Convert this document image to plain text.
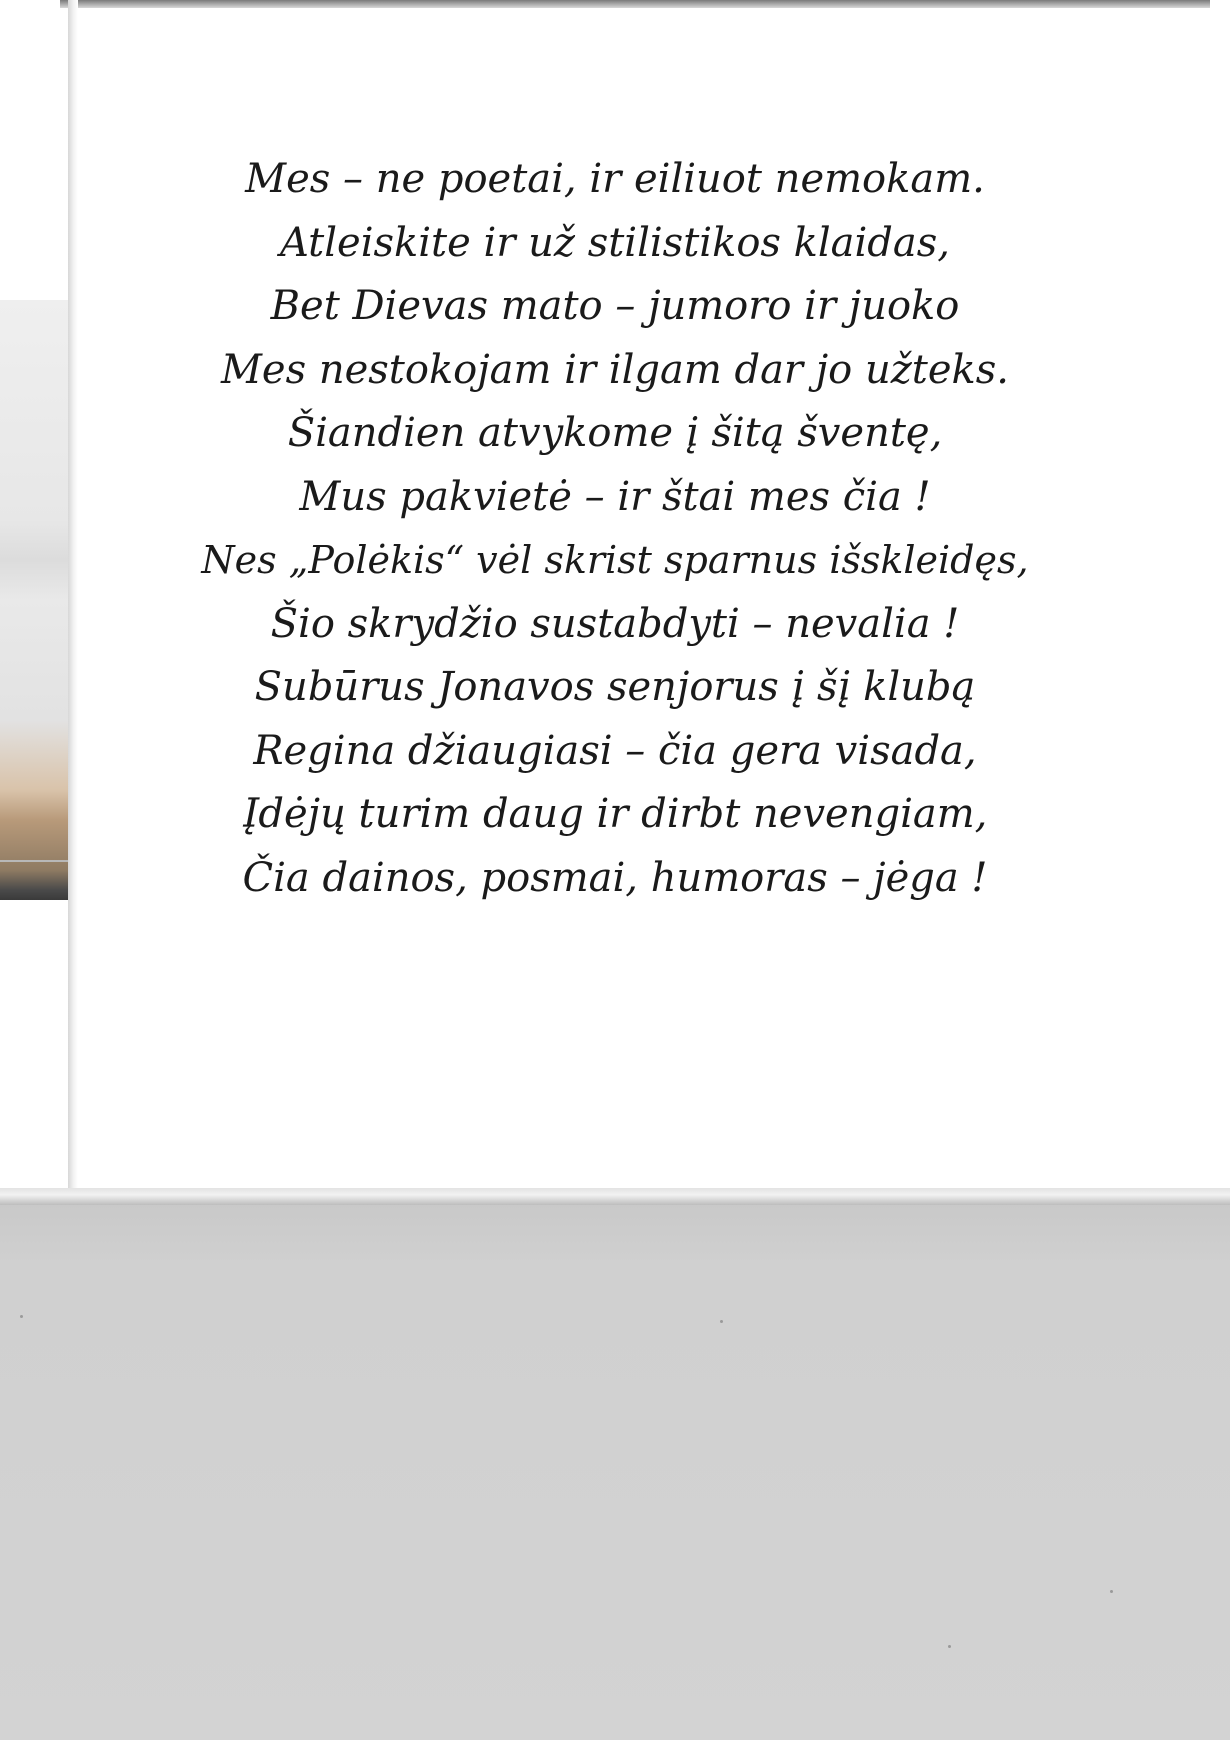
Mes – ne poetai, ir eiliuot nemokam.
Atleiskite ir už stilistikos klaidas,
Bet Dievas mato – jumoro ir juoko
Mes nestokojam ir ilgam dar jo užteks.
Šiandien atvykome į šitą šventę,
Mus pakvietė – ir štai mes čia !
Nes „Polėkis“ vėl skrist sparnus išskleidęs,
Šio skrydžio sustabdyti – nevalia !
Subūrus Jonavos senjorus į šį klubą
Regina džiaugiasi – čia gera visada,
Įdėjų turim daug ir dirbt nevengiam,
Čia dainos, posmai, humoras – jėga !
